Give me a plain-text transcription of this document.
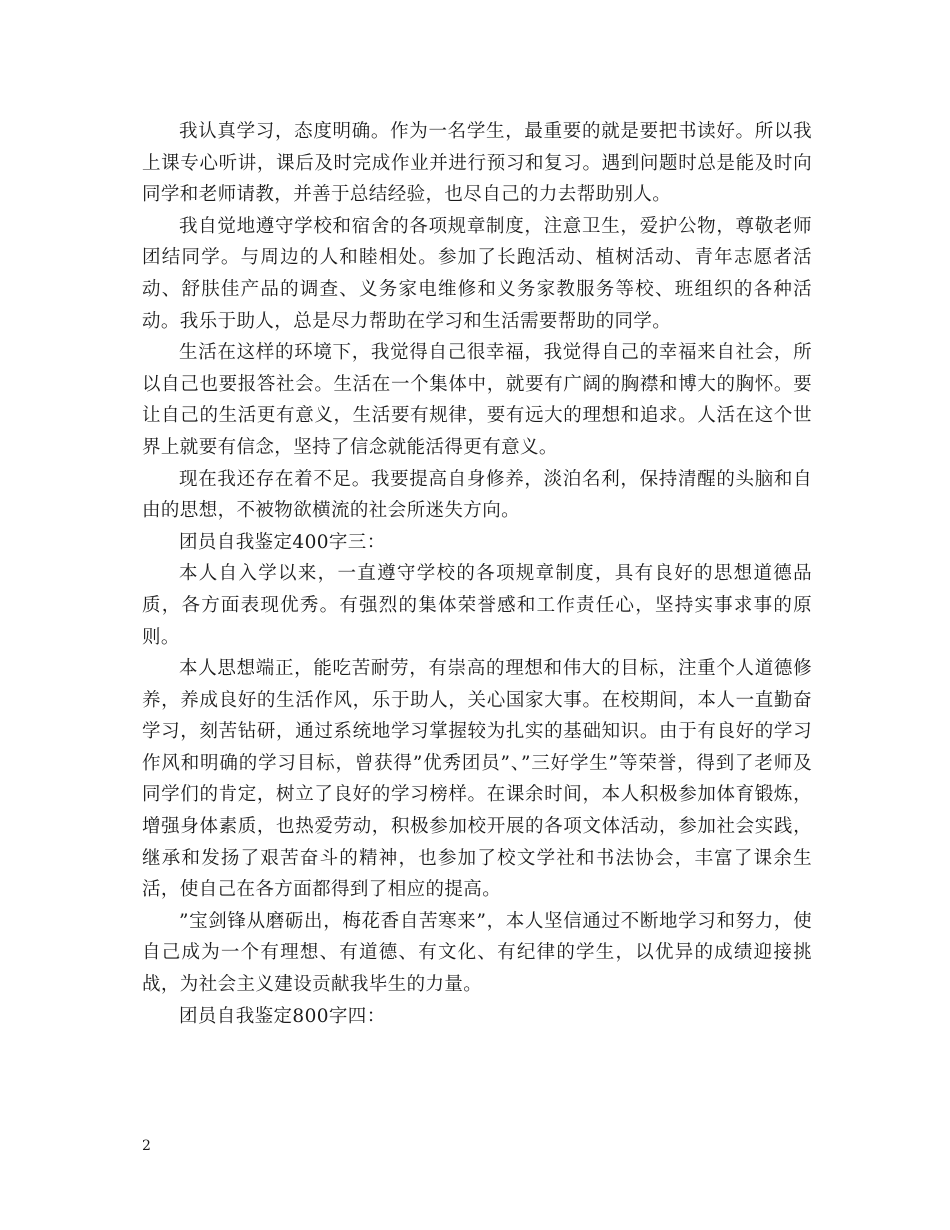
我认真学习，态度明确。作为一名学生，最重要的就是要把书读好。所以我上课专心听讲，课后及时完成作业并进行预习和复习。遇到问题时总是能及时向同学和老师请教，并善于总结经验，也尽自己的力去帮助别人。

我自觉地遵守学校和宿舍的各项规章制度，注意卫生，爱护公物，尊敬老师团结同学。与周边的人和睦相处。参加了长跑活动、植树活动、青年志愿者活动、舒肤佳产品的调查、义务家电维修和义务家教服务等校、班组织的各种活动。我乐于助人，总是尽力帮助在学习和生活需要帮助的同学。

生活在这样的环境下，我觉得自己很幸福，我觉得自己的幸福来自社会，所以自己也要报答社会。生活在一个集体中，就要有广阔的胸襟和博大的胸怀。要让自己的生活更有意义，生活要有规律，要有远大的理想和追求。人活在这个世界上就要有信念，坚持了信念就能活得更有意义。

现在我还存在着不足。我要提高自身修养，淡泊名利，保持清醒的头脑和自由的思想，不被物欲横流的社会所迷失方向。

团员自我鉴定400字三：

本人自入学以来，一直遵守学校的各项规章制度，具有良好的思想道德品质，各方面表现优秀。有强烈的集体荣誉感和工作责任心，坚持实事求事的原则。

本人思想端正，能吃苦耐劳，有崇高的理想和伟大的目标，注重个人道德修养，养成良好的生活作风，乐于助人，关心国家大事。在校期间，本人一直勤奋学习，刻苦钻研，通过系统地学习掌握较为扎实的基础知识。由于有良好的学习作风和明确的学习目标，曾获得”优秀团员”、”三好学生”等荣誉，得到了老师及同学们的肯定，树立了良好的学习榜样。在课余时间，本人积极参加体育锻炼，增强身体素质，也热爱劳动，积极参加校开展的各项文体活动，参加社会实践，继承和发扬了艰苦奋斗的精神，也参加了校文学社和书法协会，丰富了课余生活，使自己在各方面都得到了相应的提高。

”宝剑锋从磨砺出，梅花香自苦寒来”，本人坚信通过不断地学习和努力，使自己成为一个有理想、有道德、有文化、有纪律的学生，以优异的成绩迎接挑战，为社会主义建设贡献我毕生的力量。

团员自我鉴定800字四：

2
